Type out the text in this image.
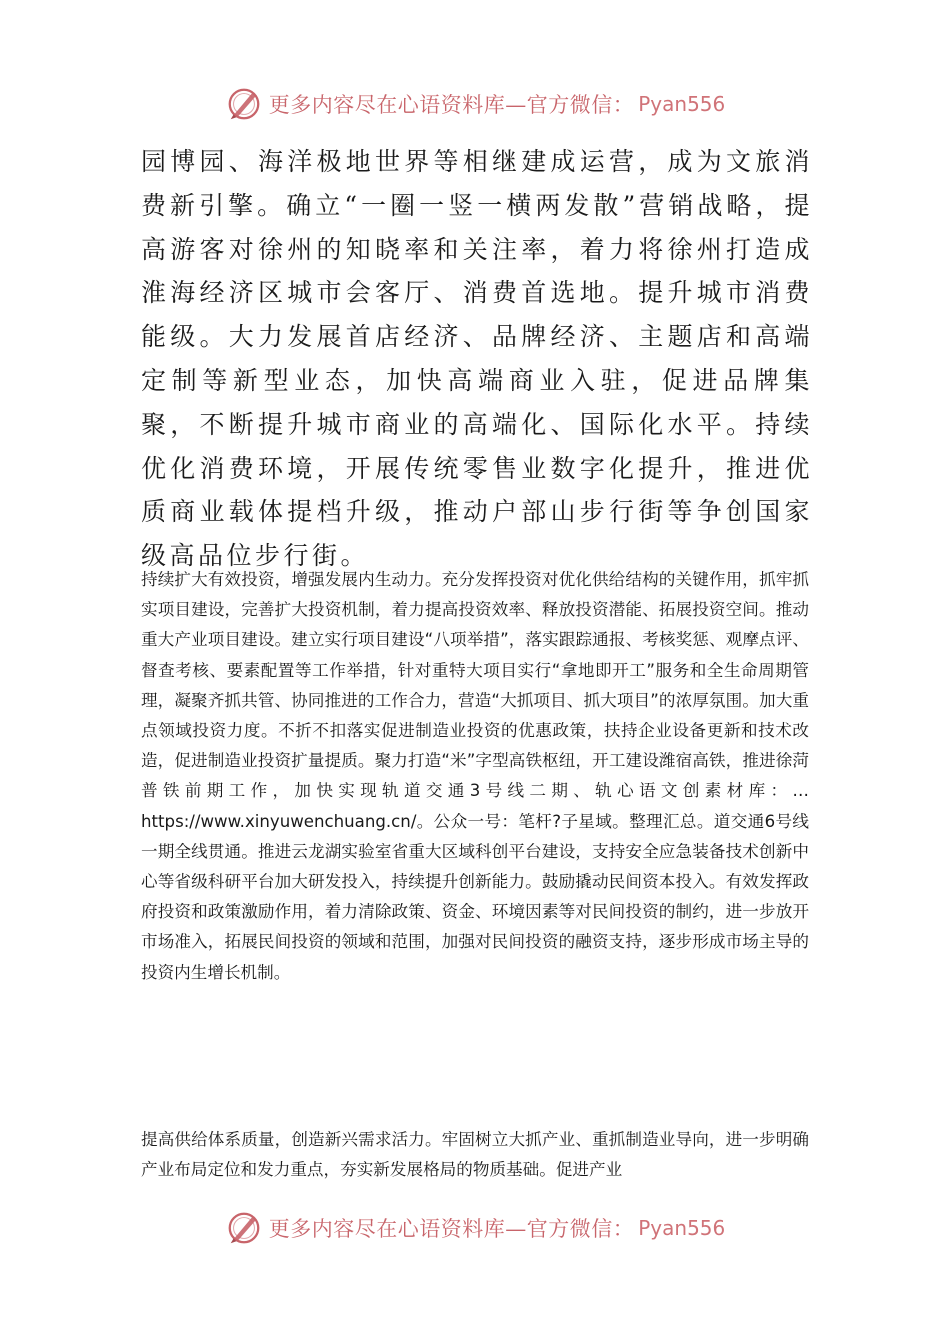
更多内容尽在心语资料库—官方微信： Pyan556

园博园、海洋极地世界等相继建成运营，成为文旅消费新引擎。确立“一圈一竖一横两发散”营销战略，提高游客对徐州的知晓率和关注率，着力将徐州打造成淮海经济区城市会客厅、消费首选地。提升城市消费能级。大力发展首店经济、品牌经济、主题店和高端定制等新型业态，加快高端商业入驻，促进品牌集聚，不断提升城市商业的高端化、国际化水平。持续优化消费环境，开展传统零售业数字化提升，推进优质商业载体提档升级，推动户部山步行街等争创国家级高品位步行街。

持续扩大有效投资，增强发展内生动力。充分发挥投资对优化供给结构的关键作用，抓牢抓实项目建设，完善扩大投资机制，着力提高投资效率、释放投资潜能、拓展投资空间。推动重大产业项目建设。建立实行项目建设“八项举措”，落实跟踪通报、考核奖惩、观摩点评、督查考核、要素配置等工作举措，针对重特大项目实行“拿地即开工”服务和全生命周期管理，凝聚齐抓共管、协同推进的工作合力，营造“大抓项目、抓大项目”的浓厚氛围。加大重点领域投资力度。不折不扣落实促进制造业投资的优惠政策，扶持企业设备更新和技术改造，促进制造业投资扩量提质。聚力打造“米”字型高铁枢纽，开工建设潍宿高铁，推进徐菏普铁前期工作，加快实现轨道交通3号线二期、轨心语文创素材库：…https://www.xinyuwenchuang.cn/。公众一号：笔杆?子星域。整理汇总。道交通6号线一期全线贯通。推进云龙湖实验室省重大区域科创平台建设，支持安全应急装备技术创新中心等省级科研平台加大研发投入，持续提升创新能力。鼓励撬动民间资本投入。有效发挥政府投资和政策激励作用，着力清除政策、资金、环境因素等对民间投资的制约，进一步放开市场准入，拓展民间投资的领域和范围，加强对民间投资的融资支持，逐步形成市场主导的投资内生增长机制。

提高供给体系质量，创造新兴需求活力。牢固树立大抓产业、重抓制造业导向，进一步明确产业布局定位和发力重点，夯实新发展格局的物质基础。促进产业

更多内容尽在心语资料库—官方微信： Pyan556
